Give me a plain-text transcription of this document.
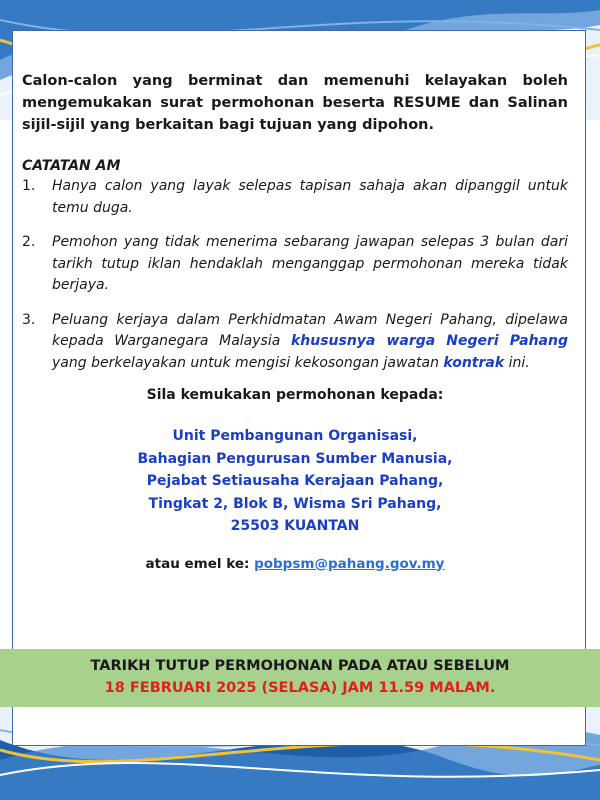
Calon-calon yang berminat dan memenuhi kelayakan boleh mengemukakan surat permohonan beserta RESUME dan Salinan sijil-sijil yang berkaitan bagi tujuan yang dipohon.

CATATAN AM
1.	Hanya calon yang layak selepas tapisan sahaja akan dipanggil untuk temu duga.
2.	Pemohon yang tidak menerima sebarang jawapan selepas 3 bulan dari tarikh tutup iklan hendaklah menganggap permohonan mereka tidak berjaya.
3.	Peluang kerjaya dalam Perkhidmatan Awam Negeri Pahang, dipelawa kepada Warganegara Malaysia khususnya warga Negeri Pahang yang berkelayakan untuk mengisi kekosongan jawatan kontrak ini.
Sila kemukakan permohonan kepada:
Unit Pembangunan Organisasi,
Bahagian Pengurusan Sumber Manusia,
Pejabat Setiausaha Kerajaan Pahang,
Tingkat 2, Blok B, Wisma Sri Pahang,
25503 KUANTAN
atau emel ke: pobpsm@pahang.gov.my
TARIKH TUTUP PERMOHONAN PADA ATAU SEBELUM
18 FEBRUARI 2025 (SELASA) JAM 11.59 MALAM.
